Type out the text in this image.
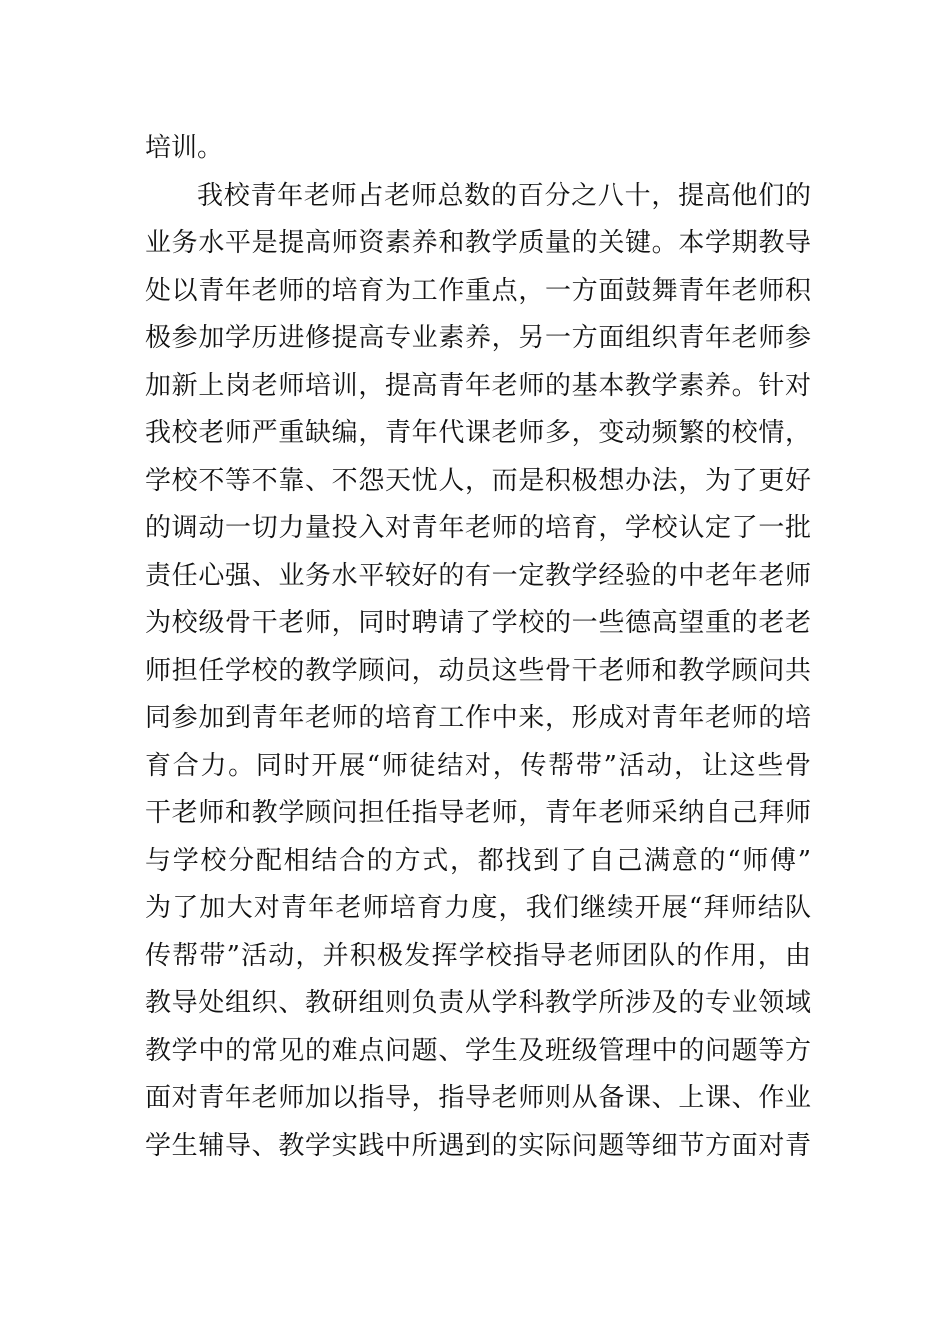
培训。
我校青年老师占老师总数的百分之八十，提高他们的
业务水平是提高师资素养和教学质量的关键。本学期教导
处以青年老师的培育为工作重点，一方面鼓舞青年老师积
极参加学历进修提高专业素养，另一方面组织青年老师参
加新上岗老师培训，提高青年老师的基本教学素养。针对
我校老师严重缺编，青年代课老师多，变动频繁的校情，
学校不等不靠、不怨天忧人，而是积极想办法，为了更好
的调动一切力量投入对青年老师的培育，学校认定了一批
责任心强、业务水平较好的有一定教学经验的中老年老师
为校级骨干老师，同时聘请了学校的一些德高望重的老老
师担任学校的教学顾问，动员这些骨干老师和教学顾问共
同参加到青年老师的培育工作中来，形成对青年老师的培
育合力。同时开展“师徒结对，传帮带”活动，让这些骨
干老师和教学顾问担任指导老师，青年老师采纳自己拜师
与学校分配相结合的方式，都找到了自己满意的“师傅”
为了加大对青年老师培育力度，我们继续开展“拜师结队
传帮带”活动，并积极发挥学校指导老师团队的作用，由
教导处组织、教研组则负责从学科教学所涉及的专业领域
教学中的常见的难点问题、学生及班级管理中的问题等方
面对青年老师加以指导，指导老师则从备课、上课、作业
学生辅导、教学实践中所遇到的实际问题等细节方面对青
